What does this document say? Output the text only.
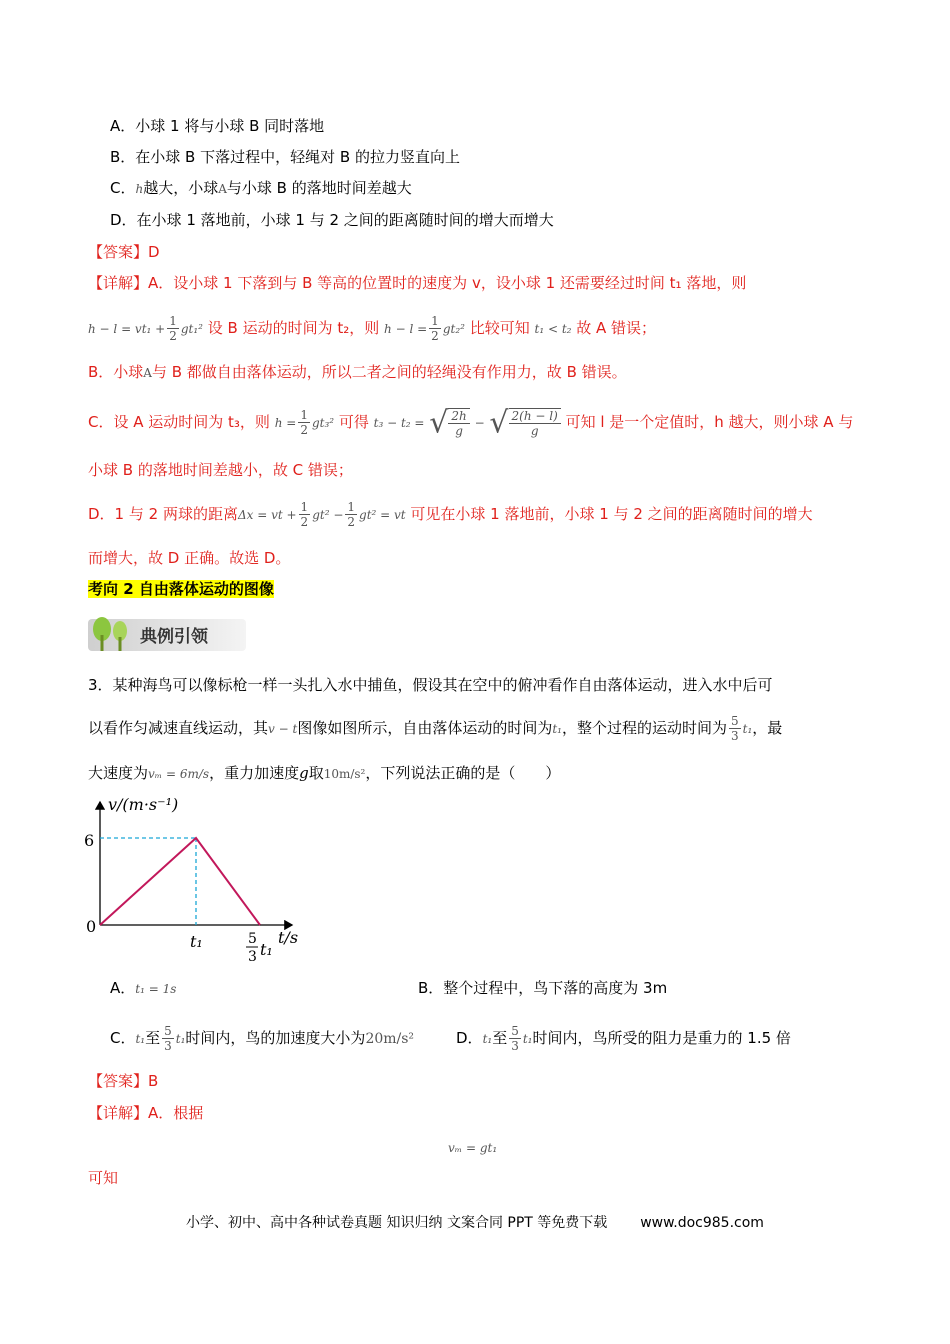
A．小球 1 将与小球 B 同时落地
B．在小球 B 下落过程中，轻绳对 B 的拉力竖直向上
C．h越大，小球A与小球 B 的落地时间差越大
D．在小球 1 落地前，小球 1 与 2 之间的距离随时间的增大而增大
【答案】D
【详解】A．设小球 1 下落到与 B 等高的位置时的速度为 v，设小球 1 还需要经过时间 t₁ 落地，则
$h - l = vt_1 + \frac{1}{2} gt_1^2$ 设 B 运动的时间为 t₂，则 $h - l = \frac{1}{2} gt_2^2$ 比较可知 t₁ < t₂ 故 A 错误；
B．小球A与 B 都做自由落体运动，所以二者之间的轻绳没有作用力，故 B 错误。
C．设 A 运动时间为 t₃，则 $h = \frac{1}{2} gt_3^2$ 可得 t₃ − t₂ = √ $\frac{2h}{g}$ − √ $\frac{2(h - l)}{g}$ 可知 l 是一个定值时，h 越大，则小球 A 与
小球 B 的落地时间差越小，故 C 错误；
D．1 与 2 两球的距离Δx = vt + $\frac{1}{2} gt^2 - \frac{1}{2} gt^2$ = vt 可见在小球 1 落地前，小球 1 与 2 之间的距离随时间的增大
而增大，故 D 正确。故选 D。
考向 2 自由落体运动的图像
典例引领
3．某种海鸟可以像标枪一样一头扎入水中捕鱼，假设其在空中的俯冲看作自由落体运动，进入水中后可
以看作匀减速直线运动，其v − t图像如图所示，自由落体运动的时间为t₁，整个过程的运动时间为 $\frac{5}{3} t_1$，最
大速度为vₘ = 6m/s，重力加速度g取10m/s²，下列说法正确的是（　　）
v/(m·s⁻¹)
t/s
6
0
t₁	5
3 t₁
A．t₁ = 1s	B．整个过程中，鸟下落的高度为 3m
C．t₁至 $\frac{5}{3} t_1$时间内，鸟的加速度大小为20m/s²	D．t₁至 $\frac{5}{3} t_1$时间内，鸟所受的阻力是重力的 1.5 倍
【答案】B
【详解】A．根据
vₘ = gt₁
可知
小学、初中、高中各种试卷真题 知识归纳 文案合同 PPT 等免费下载 www.doc985.com
